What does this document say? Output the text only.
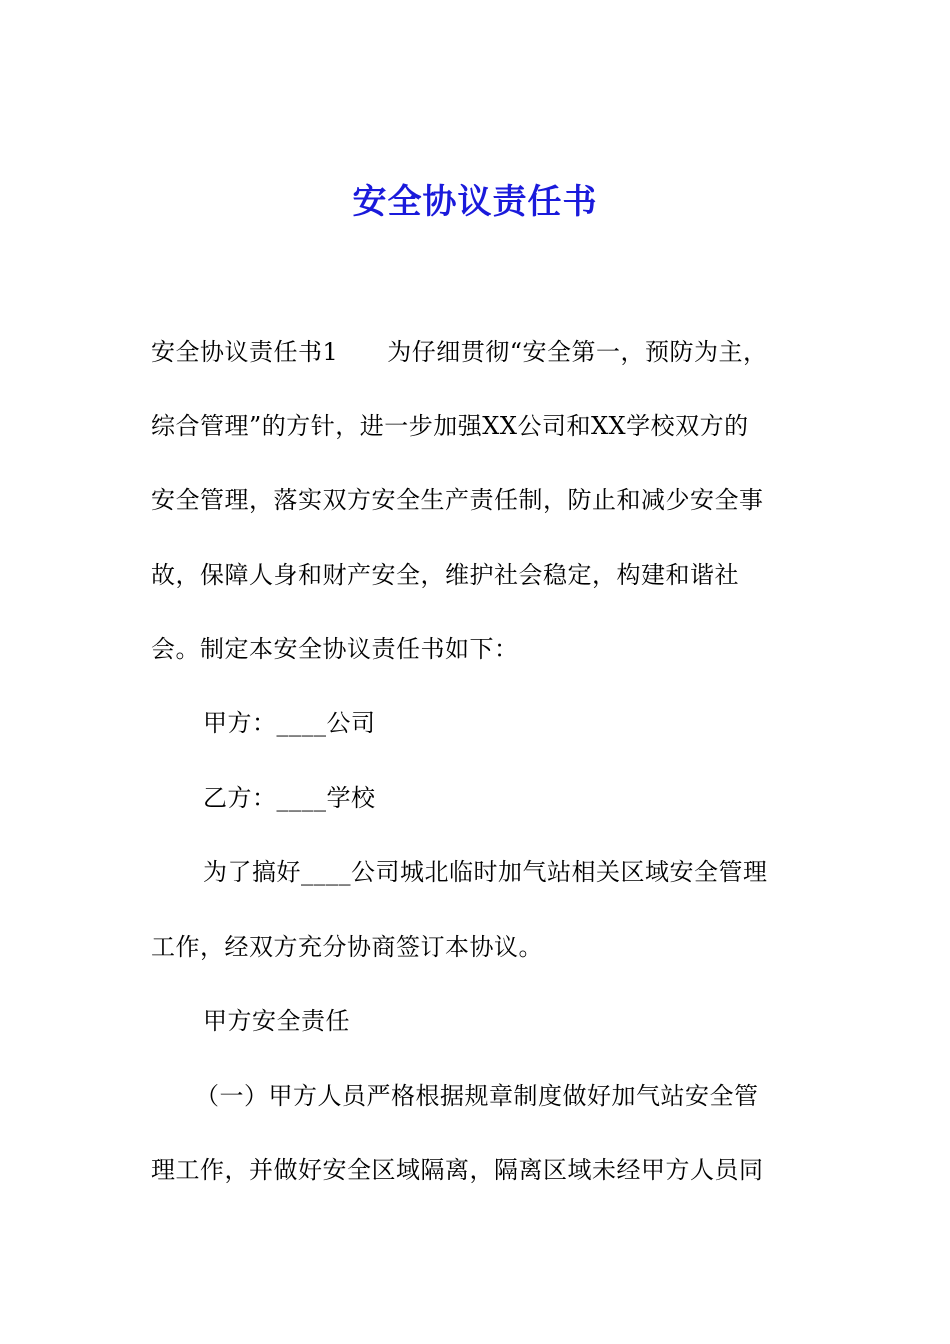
安全协议责任书
安全协议责任书1　　为仔细贯彻“安全第一，预防为主，
综合管理”的方针，进一步加强XX公司和XX学校双方的
安全管理，落实双方安全生产责任制，防止和减少安全事
故，保障人身和财产安全，维护社会稳定，构建和谐社
会。制定本安全协议责任书如下：
甲方：____公司
乙方：____学校
为了搞好____公司城北临时加气站相关区域安全管理
工作，经双方充分协商签订本协议。
甲方安全责任
（一）甲方人员严格根据规章制度做好加气站安全管
理工作，并做好安全区域隔离，隔离区域未经甲方人员同
